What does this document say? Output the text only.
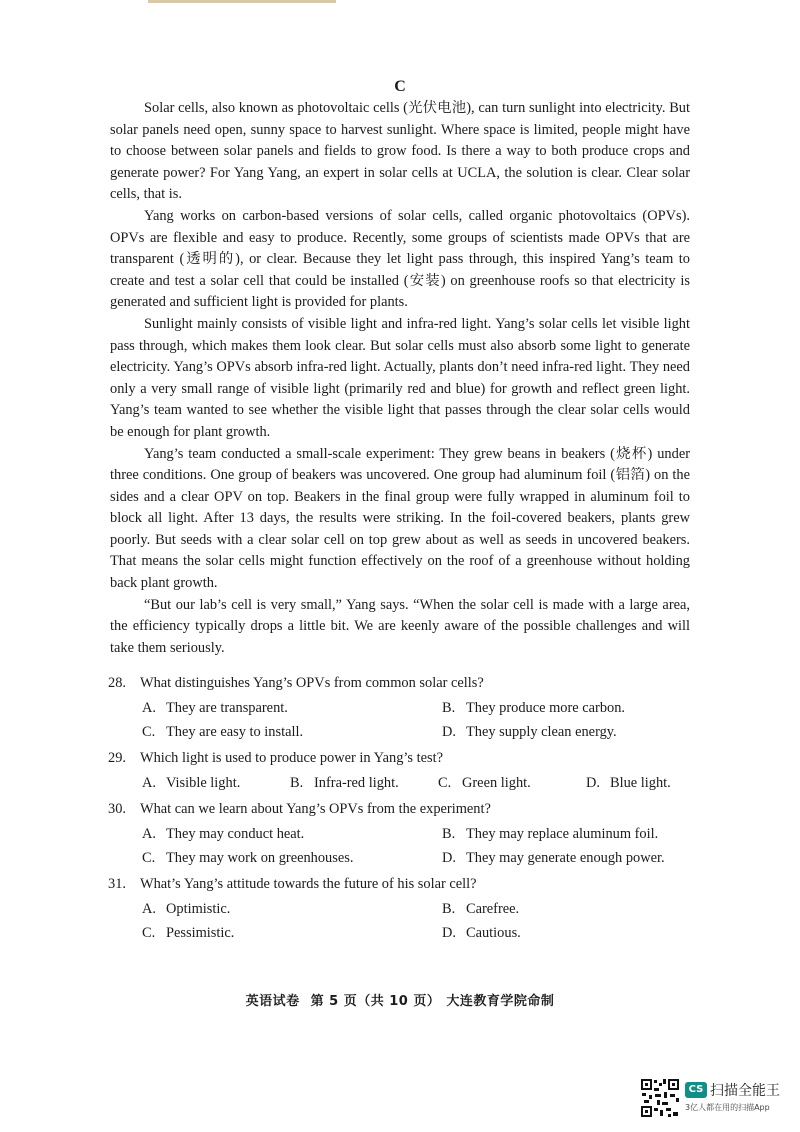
C

Solar cells, also known as photovoltaic cells (光伏电池), can turn sunlight into electricity. But solar panels need open, sunny space to harvest sunlight. Where space is limited, people might have to choose between solar panels and fields to grow food. Is there a way to both produce crops and generate power? For Yang Yang, an expert in solar cells at UCLA, the solution is clear. Clear solar cells, that is.

Yang works on carbon-based versions of solar cells, called organic photovoltaics (OPVs). OPVs are flexible and easy to produce. Recently, some groups of scientists made OPVs that are transparent (透明的), or clear. Because they let light pass through, this inspired Yang’s team to create and test a solar cell that could be installed (安装) on greenhouse roofs so that electricity is generated and sufficient light is provided for plants.

Sunlight mainly consists of visible light and infra-red light. Yang’s solar cells let visible light pass through, which makes them look clear. But solar cells must also absorb some light to generate electricity. Yang’s OPVs absorb infra-red light. Actually, plants don’t need infra-red light. They need only a very small range of visible light (primarily red and blue) for growth and reflect green light. Yang’s team wanted to see whether the visible light that passes through the clear solar cells would be enough for plant growth.

Yang’s team conducted a small-scale experiment: They grew beans in beakers (烧杯) under three conditions. One group of beakers was uncovered. One group had aluminum foil (铝箔) on the sides and a clear OPV on top. Beakers in the final group were fully wrapped in aluminum foil to block all light. After 13 days, the results were striking. In the foil-covered beakers, plants grew poorly. But seeds with a clear solar cell on top grew about as well as seeds in uncovered beakers. That means the solar cells might function effectively on the roof of a greenhouse without holding back plant growth.

“But our lab’s cell is very small,” Yang says. “When the solar cell is made with a large area, the efficiency typically drops a little bit. We are keenly aware of the possible challenges and will take them seriously.

28. What distinguishes Yang’s OPVs from common solar cells?
A. They are transparent.	B. They produce more carbon.
C. They are easy to install.	D. They supply clean energy.
29. Which light is used to produce power in Yang’s test?
A. Visible light.	B. Infra-red light.	C. Green light.	D. Blue light.
30. What can we learn about Yang’s OPVs from the experiment?
A. They may conduct heat.	B. They may replace aluminum foil.
C. They may work on greenhouses.	D. They may generate enough power.
31. What’s Yang’s attitude towards the future of his solar cell?
A. Optimistic.	B. Carefree.
C. Pessimistic.	D. Cautious.
英语试卷 第 5 页（共 10 页） 大连教育学院命制
CS 扫描全能王
3亿人都在用的扫描App
